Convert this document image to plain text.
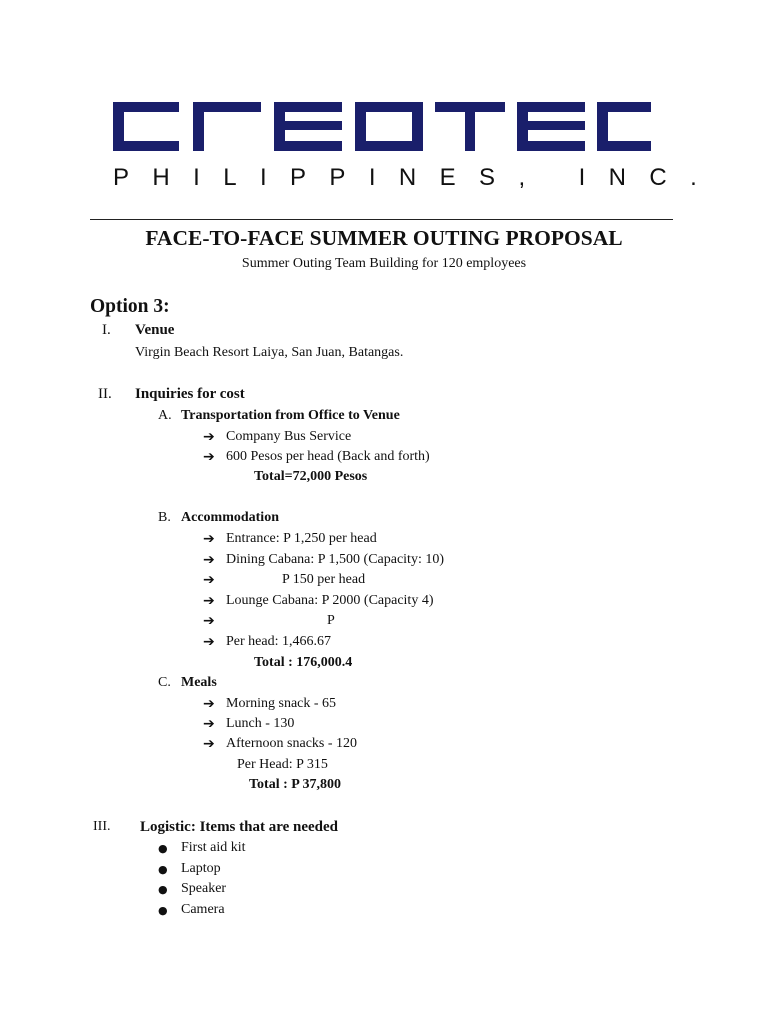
PHILIPPINES, INC.
FACE-TO-FACE SUMMER OUTING PROPOSAL
Summer Outing Team Building for 120 employees
Option 3:
I. Venue
Virgin Beach Resort Laiya, San Juan, Batangas.
II. Inquiries for cost
A. Transportation from Office to Venue
➔ Company Bus Service
➔ 600 Pesos per head (Back and forth)
Total=72,000 Pesos
B. Accommodation
➔ Entrance: P 1,250 per head
➔ Dining Cabana: P 1,500 (Capacity: 10)
➔	P 150 per head
➔ Lounge Cabana: P 2000 (Capacity 4)
➔	P
➔ Per head: 1,466.67
Total : 176,000.4
C. Meals
➔ Morning snack - 65
➔ Lunch - 130
➔ Afternoon snacks - 120
Per Head: P 315
Total : P 37,800
III. Logistic: Items that are needed
● First aid kit
● Laptop
● Speaker
● Camera
